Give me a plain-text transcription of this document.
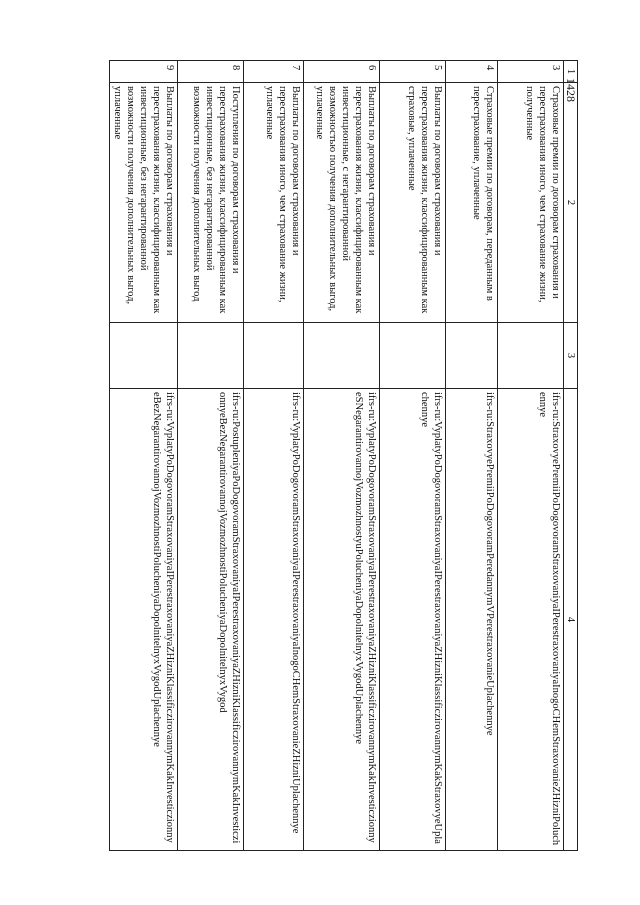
1428
1	2	3	4
3	Страховые премии по договорам страхования и перестрахования иного, чем страхование жизни, полученные		ifrs-ru:StraxovyePremiiPoDogovoramStraxovaniyaIPerestraxovaniyaInogoCHemStraxovanieZHizniPoluchennye
4	Страховые премии по договорам, переданным в перестрахование, уплаченные		ifrs-ru:StraxovyePremiiPoDogovoramPeredannymVPerestraxovanieUplachennye
5	Выплаты по договорам страхования и перестрахования жизни, классифицированным как страховые, уплаченные		ifrs-ru:VyplatyPoDogovoramStraxovaniyaIPerestraxovaniyaZHizniKlassificzirovannymKakStraxovyeUplachennye
6	Выплаты по договорам страхования и перестрахования жизни, классифицированным как инвестиционные, с негарантированной возможностью получения дополнительных выгод, уплаченные		ifrs-ru:VyplatyPoDogovoramStraxovaniyaIPerestraxovaniyaZHizniKlassificzirovannymKakInvesticzionnyeSNegarantirovannojVozmozhnostyuPolucheniyaDopolnitelnyxVygodUplachennye
7	Выплаты по договорам страхования и перестрахования иного, чем страхование жизни, уплаченные		ifrs-ru:VyplatyPoDogovoramStraxovaniyaIPerestraxovaniyaInogoCHemStraxovanieZHizniUplachennye
8	Поступления по договорам страхования и перестрахования жизни, классифицированным как инвестиционные, без негарантированной возможности получения дополнительных выгод		ifrs-ru:PostupleniyaPoDogovoramStraxovaniyaIPerestraxovaniyaZHizniKlassificzirovannymKakInvesticzionnyeBezNegarantirovannojVozmozhnostiPolucheniyaDopolnitelnyxVygod
9	Выплаты по договорам страхования и перестрахования жизни, классифицированным как инвестиционные, без негарантированной возможности получения дополнительных выгод, уплаченные		ifrs-ru:VyplatyPoDogovoramStraxovaniyaIPerestraxovaniyaZHizniKlassificzirovannymKakInvesticzionnyeBezNegarantirovannojVozmozhnostiPolucheniyaDopolnitelnyxVygodUplachennye
